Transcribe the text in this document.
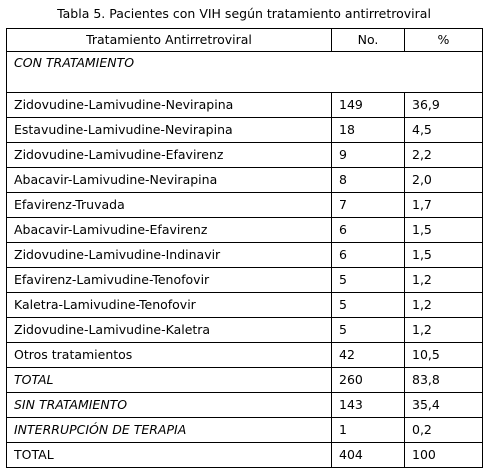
Tabla 5. Pacientes con VIH según tratamiento antirretroviral
Tratamiento Antirretroviral	No.	%
CON TRATAMIENTO		
Zidovudine-Lamivudine-Nevirapina	149	36,9
Estavudine-Lamivudine-Nevirapina	18	4,5
Zidovudine-Lamivudine-Efavirenz	9	2,2
Abacavir-Lamivudine-Nevirapina	8	2,0
Efavirenz-Truvada	7	1,7
Abacavir-Lamivudine-Efavirenz	6	1,5
Zidovudine-Lamivudine-Indinavir	6	1,5
Efavirenz-Lamivudine-Tenofovir	5	1,2
Kaletra-Lamivudine-Tenofovir	5	1,2
Zidovudine-Lamivudine-Kaletra	5	1,2
Otros tratamientos	42	10,5
TOTAL	260	83,8
SIN TRATAMIENTO	143	35,4
INTERRUPCIÓN DE TERAPIA	1	0,2
TOTAL	404	100
